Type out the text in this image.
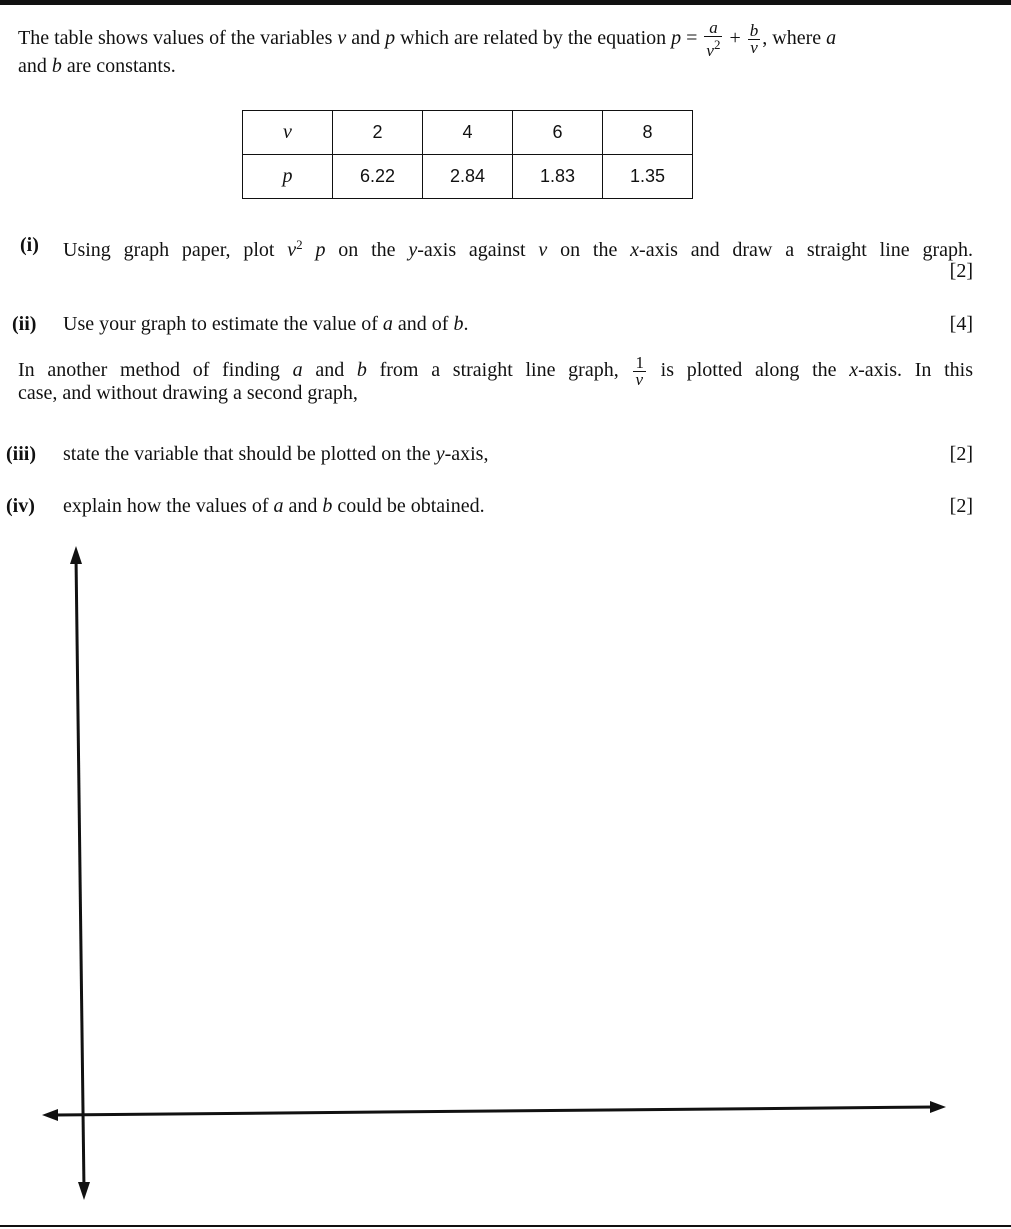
The table shows values of the variables v and p which are related by the equation $p = \frac{a}{v^2} + \frac{b}{v}$ , where a
and b are constants.
v	2	4	6	8
p	6.22	2.84	1.83	1.35
(i) Using graph paper, plot $v^2$ p on the y-axis against v on the x-axis and draw a straight line graph.
[2]
(ii) Use your graph to estimate the value of a and of b.	[4]
In another method of finding a and b from a straight line graph, $\frac{1}{v}$ is plotted along the x-axis. In this
case, and without drawing a second graph,
(iii) state the variable that should be plotted on the y-axis,	[2]
(iv) explain how the values of a and b could be obtained.	[2]
